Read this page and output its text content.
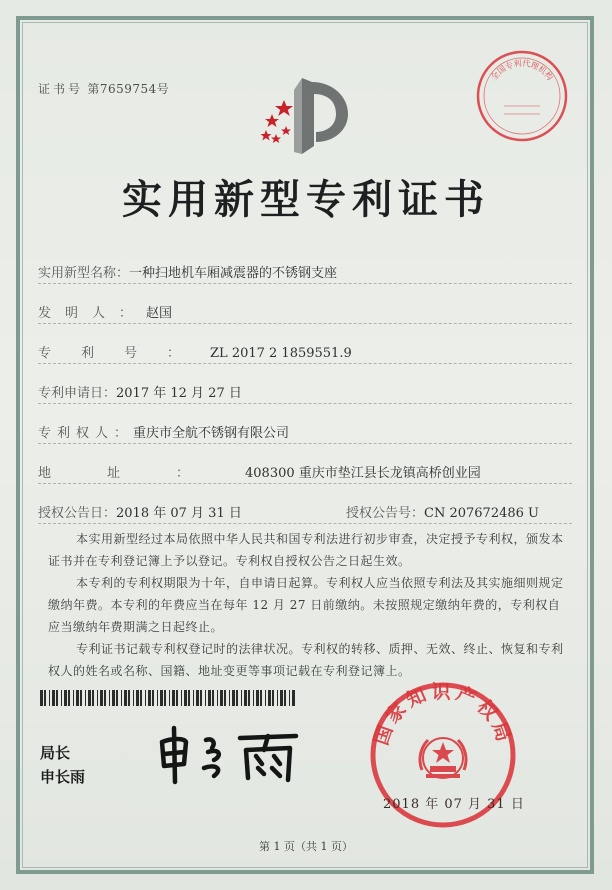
全国专利代理机构
证书号 第7659754号
实用新型专利证书
实用新型名称：一种扫地机车厢减震器的不锈钢支座
发明人：赵国
专利号：ZL 2017 2 1859551.9
专利申请日：2017 年 12 月 27 日
专利权人：重庆市全航不锈钢有限公司
地址：408300 重庆市垫江县长龙镇高桥创业园
授权公告日：2018 年 07 月 31 日	授权公告号：CN 207672486 U
本实用新型经过本局依照中华人民共和国专利法进行初步审查，决定授予专利权，颁发本证书并在专利登记簿上予以登记。专利权自授权公告之日起生效。
本专利的专利权期限为十年，自申请日起算。专利权人应当依照专利法及其实施细则规定缴纳年费。本专利的年费应当在每年 12 月 27 日前缴纳。未按照规定缴纳年费的，专利权自应当缴纳年费期满之日起终止。
专利证书记载专利权登记时的法律状况。专利权的转移、质押、无效、终止、恢复和专利权人的姓名或名称、国籍、地址变更等事项记载在专利登记簿上。
局长
申长雨
国家知识产权局
2018 年 07 月 31 日
第 1 页（共 1 页）
